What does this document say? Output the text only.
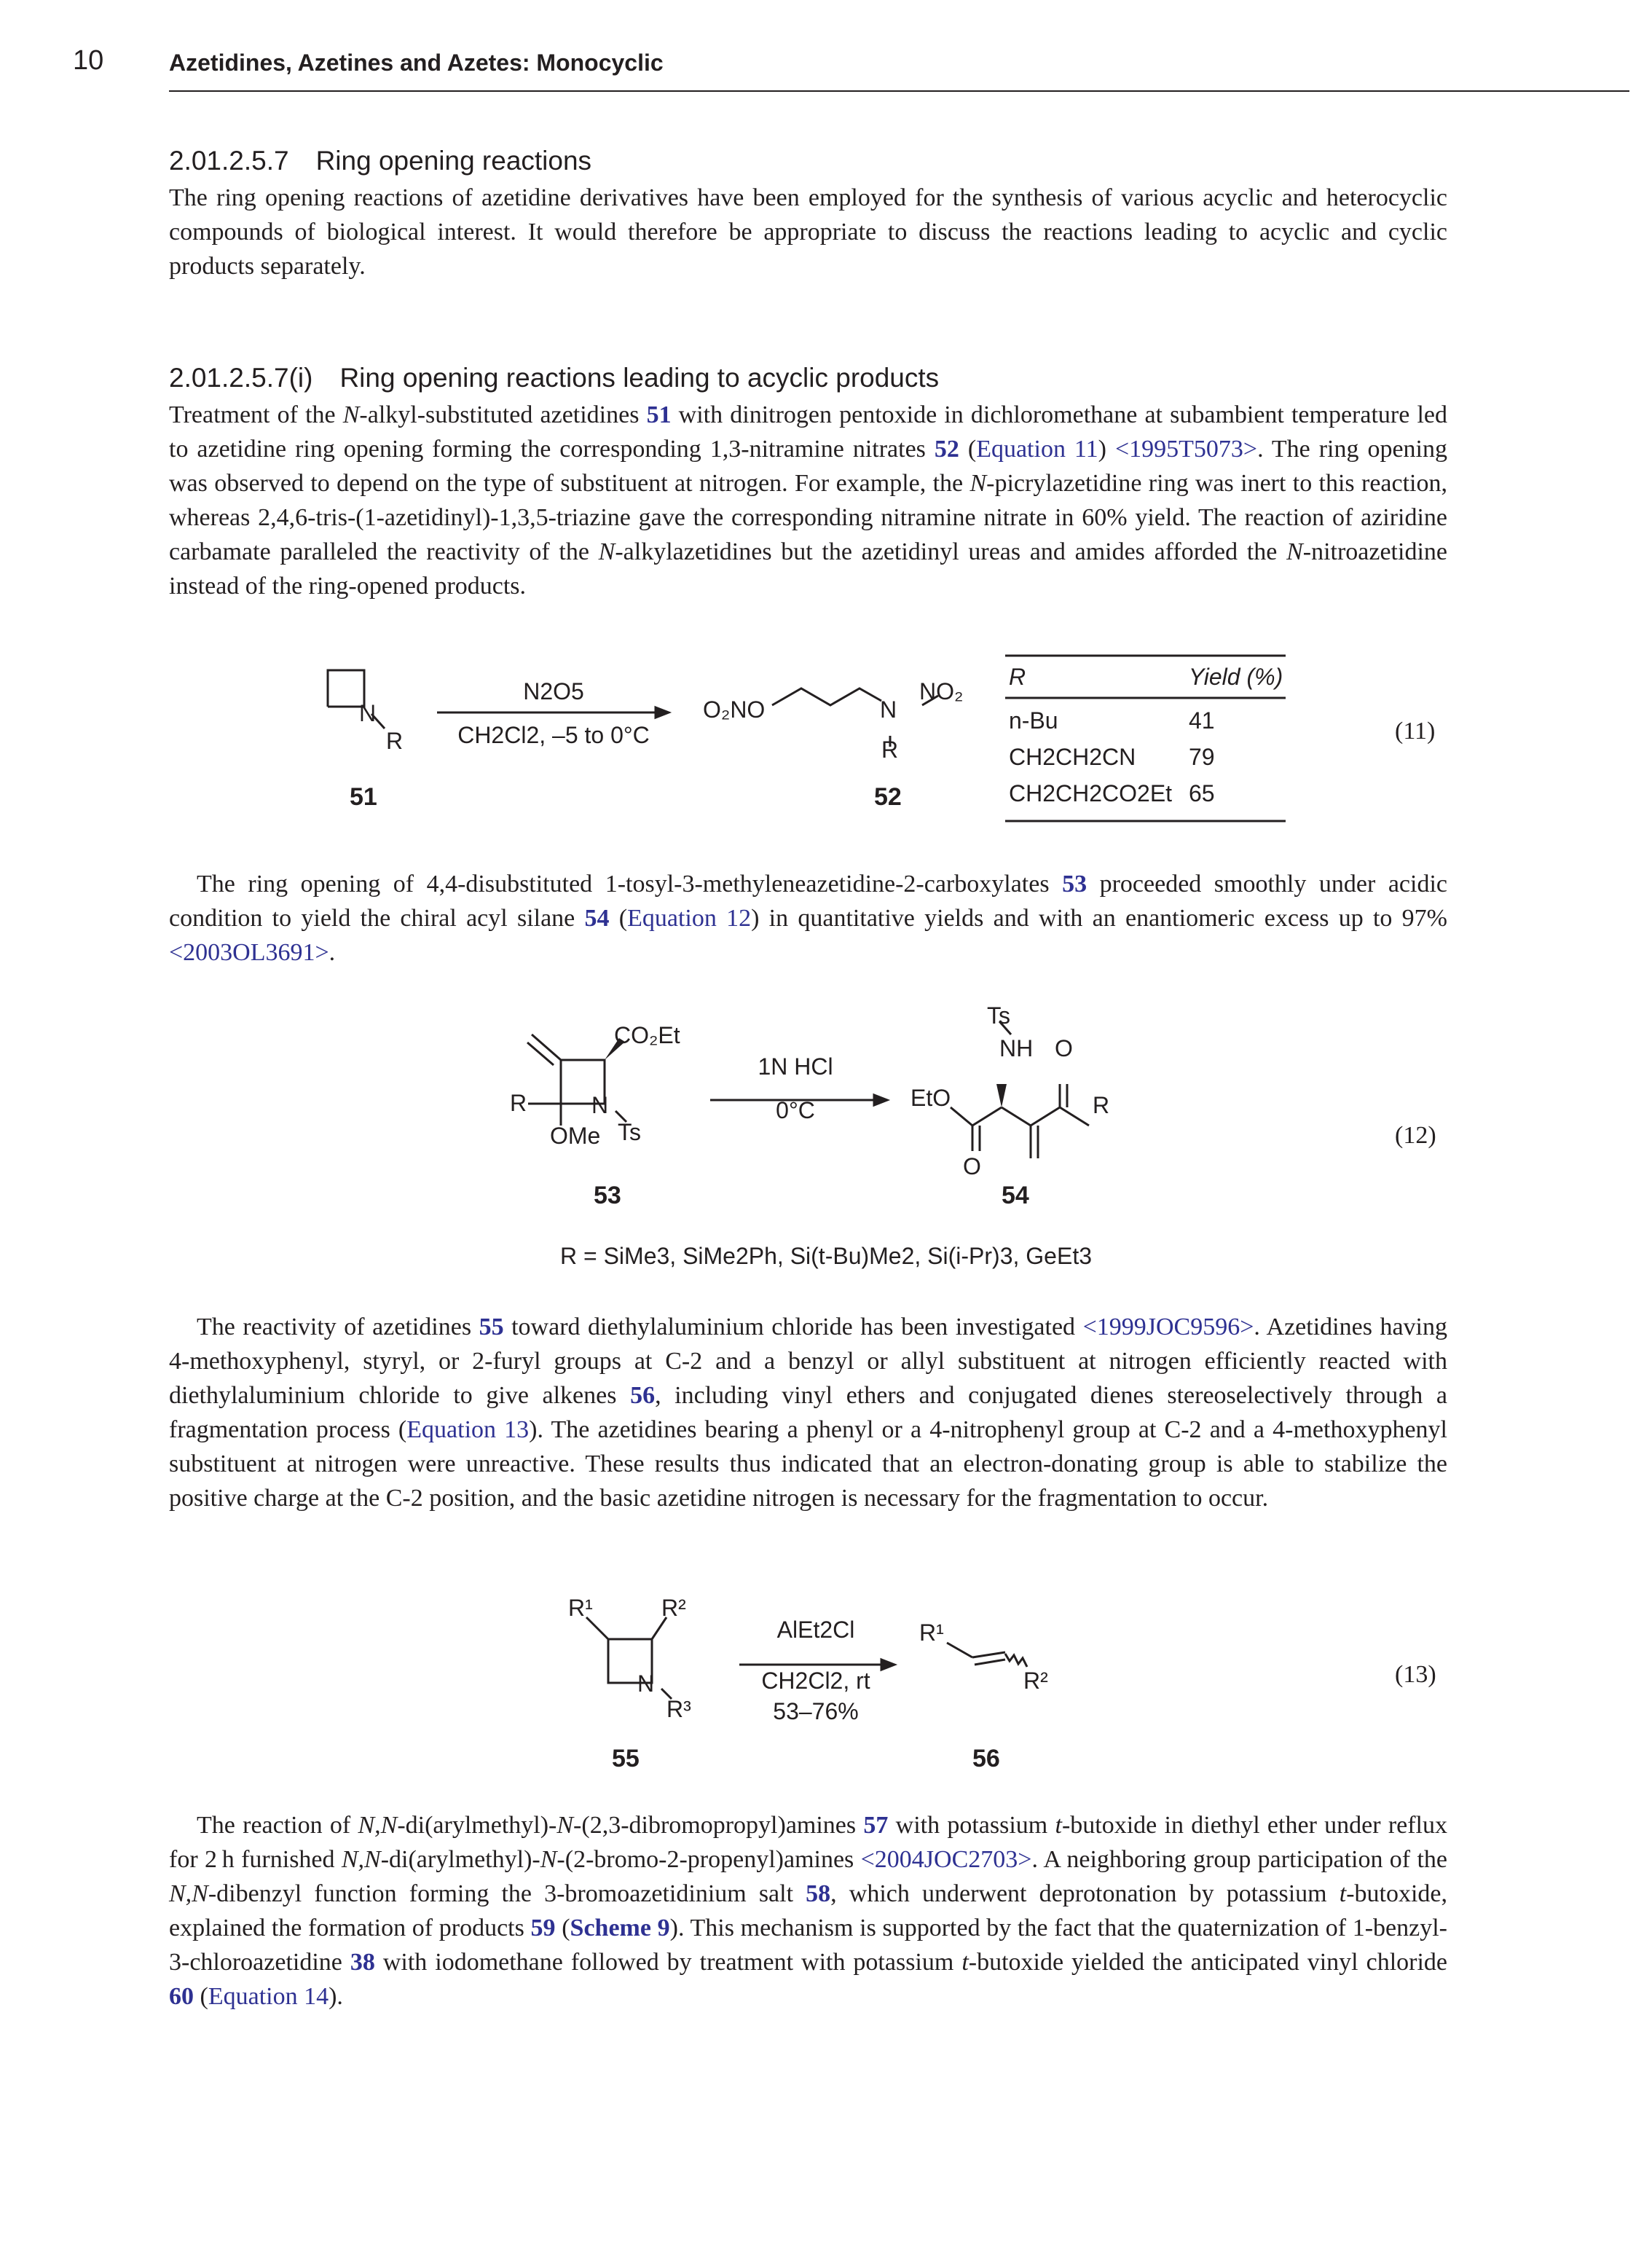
10	Azetidines, Azetines and Azetes: Monocyclic
2.01.2.5.7 Ring opening reactions
The ring opening reactions of azetidine derivatives have been employed for the synthesis of various acyclic and heterocyclic compounds of biological interest. It would therefore be appropriate to discuss the reactions leading to acyclic and cyclic products separately.
2.01.2.5.7(i) Ring opening reactions leading to acyclic products
Treatment of the N-alkyl-substituted azetidines 51 with dinitrogen pentoxide in dichloromethane at subambient temperature led to azetidine ring opening forming the corresponding 1,3-nitramine nitrates 52 (Equation 11) <1995T5073>. The ring opening was observed to depend on the type of substituent at nitrogen. For example, the N-picrylazetidine ring was inert to this reaction, whereas 2,4,6-tris-(1-azetidinyl)-1,3,5-triazine gave the corresponding nitramine nitrate in 60% yield. The reaction of aziridine carbamate paralleled the reactivity of the N-alkylazetidines but the azetidinyl ureas and amides afforded the N-nitroazetidine instead of the ring-opened products.
N
R
51
N2O5
CH2Cl2, –5 to 0°C
O₂NO	N
NO₂
R
52
R	Yield (%)
n-Bu	41
CH2CH2CN 79
CH2CH2CO2Et 65
(11)
The ring opening of 4,4-disubstituted 1-tosyl-3-methyleneazetidine-2-carboxylates 53 proceeded smoothly under acidic condition to yield the chiral acyl silane 54 (Equation 12) in quantitative yields and with an enantiomeric excess up to 97% <2003OL3691>.
CO₂Et
R	N
OMe Ts
53
1N HCl
0°C
Ts
NH O
EtO
O
R
54
R = SiMe3, SiMe2Ph, Si(t-Bu)Me2, Si(i-Pr)3, GeEt3
(12)
The reactivity of azetidines 55 toward diethylaluminium chloride has been investigated <1999JOC9596>. Azetidines having 4-methoxyphenyl, styryl, or 2-furyl groups at C-2 and a benzyl or allyl substituent at nitrogen efficiently reacted with diethylaluminium chloride to give alkenes 56, including vinyl ethers and conjugated dienes stereoselectively through a fragmentation process (Equation 13). The azetidines bearing a phenyl or a 4-nitrophenyl group at C-2 and a 4-methoxyphenyl substituent at nitrogen were unreactive. These results thus indicated that an electron-donating group is able to stabilize the positive charge at the C-2 position, and the basic azetidine nitrogen is necessary for the fragmentation to occur.
R¹	R²
N
R³
55
AlEt2Cl
CH2Cl2, rt
53–76%
R¹
R²
56
(13)
The reaction of N,N-di(arylmethyl)-N-(2,3-dibromopropyl)amines 57 with potassium t-butoxide in diethyl ether under reflux for 2 h furnished N,N-di(arylmethyl)-N-(2-bromo-2-propenyl)amines <2004JOC2703>. A neighboring group participation of the N,N-dibenzyl function forming the 3-bromoazetidinium salt 58, which underwent deprotonation by potassium t-butoxide, explained the formation of products 59 (Scheme 9). This mechanism is supported by the fact that the quaternization of 1-benzyl-3-chloroazetidine 38 with iodomethane followed by treatment with potassium t-butoxide yielded the anticipated vinyl chloride 60 (Equation 14).
